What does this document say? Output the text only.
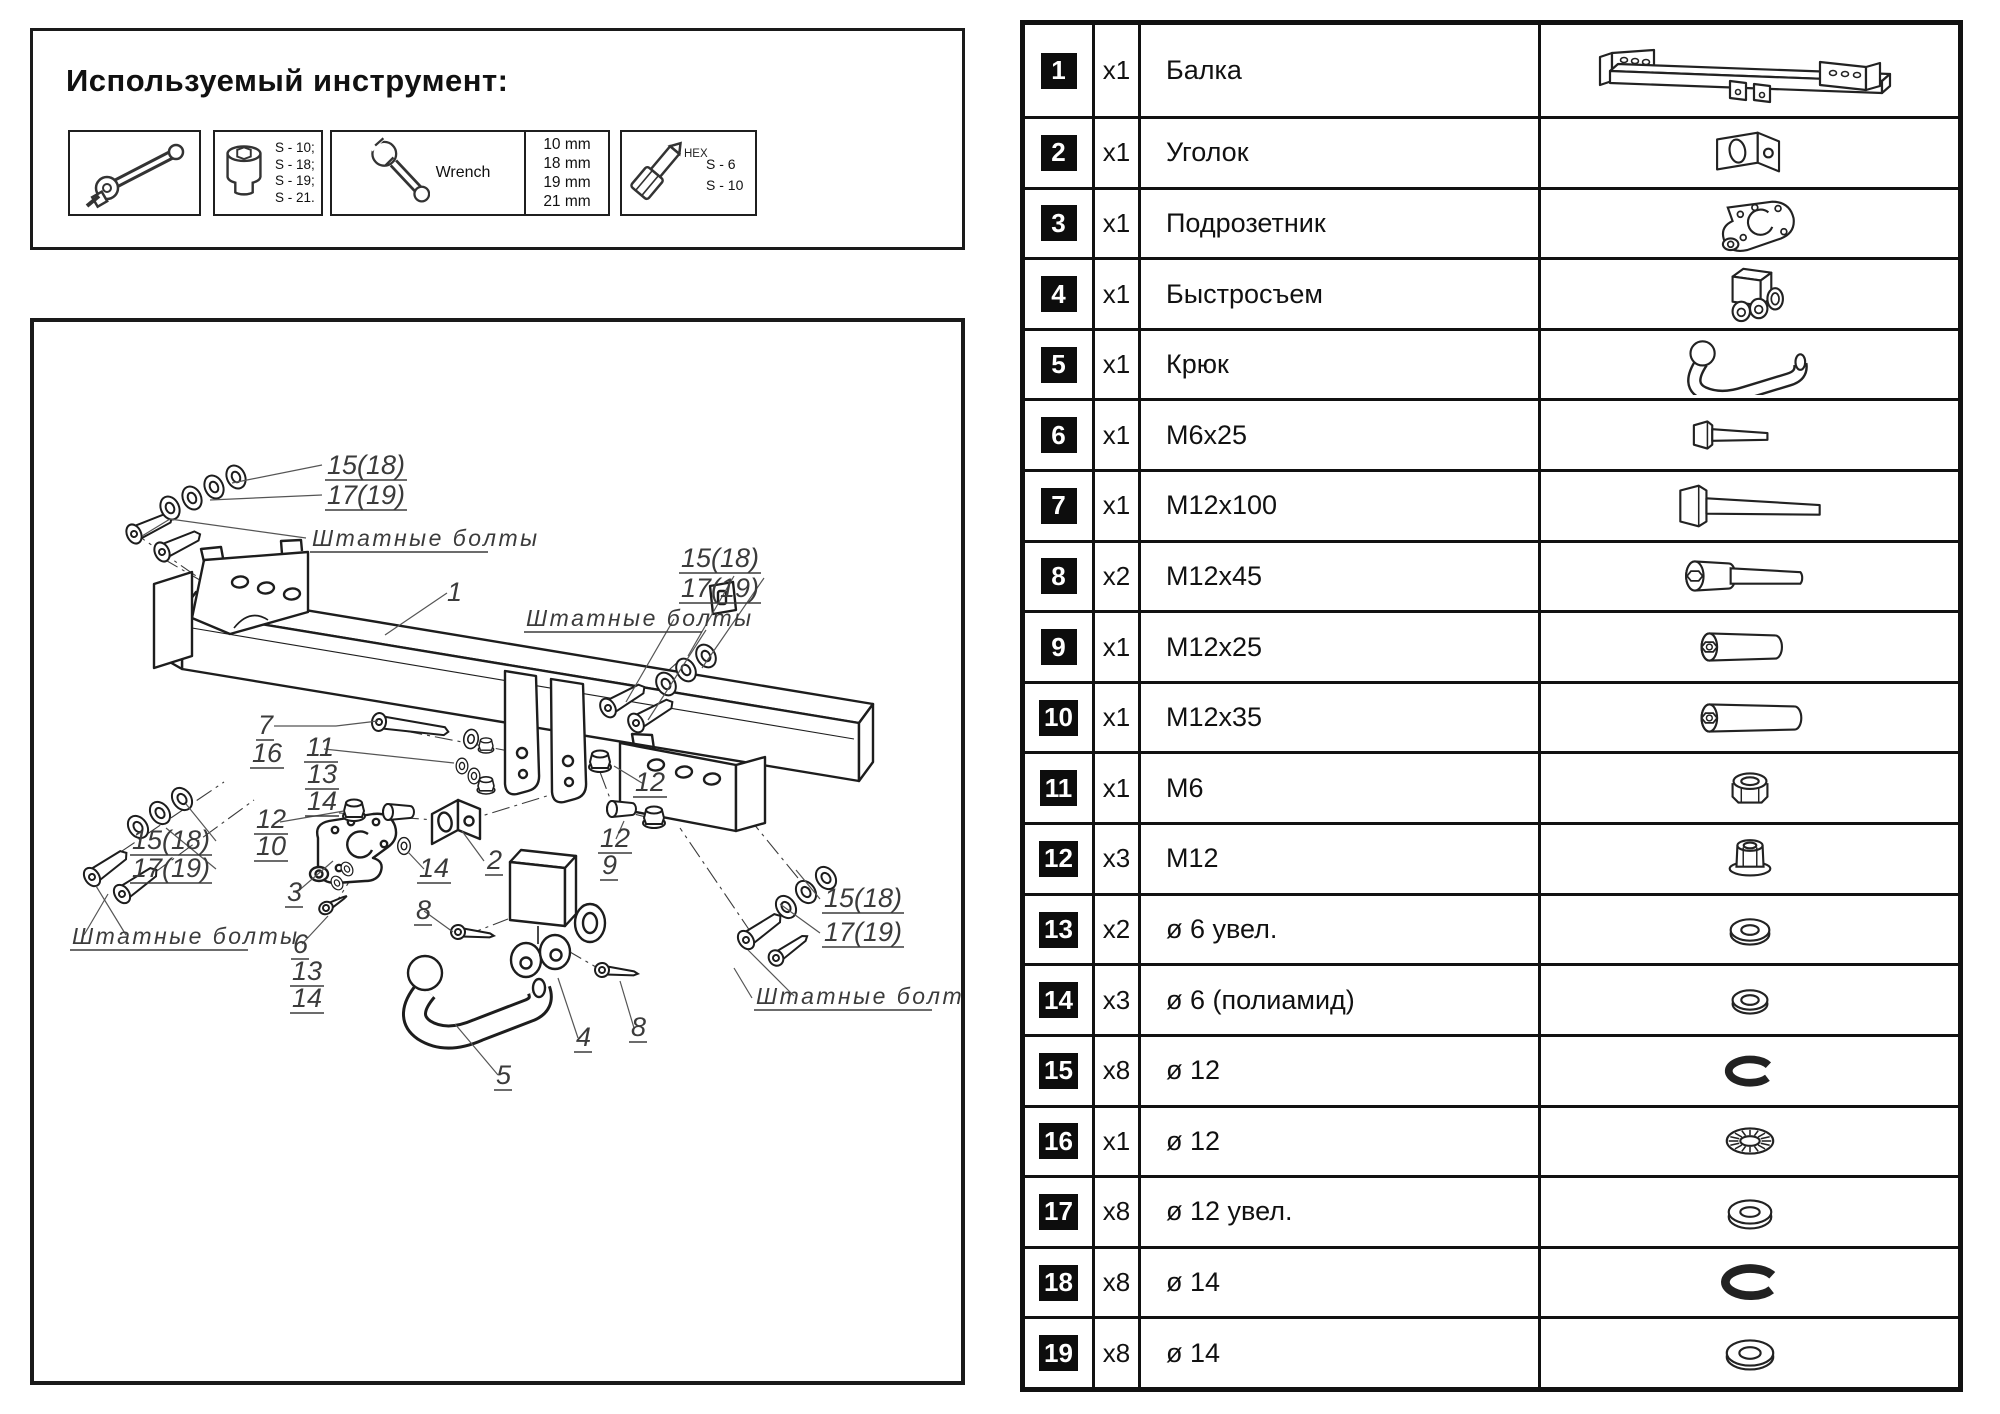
Используемый инструмент:
S - 10;
S - 18;
S - 19;
S - 21.
Wrench
10 mm
18 mm
19 mm
21 mm
HEX
S - 6
S - 10
15(18)
17(19)
Штатные болты
15(18)
17(19)
Штатные болты
1
7
16 11
13
14
12
10	2
3
6
13
14
14
8
5
4 8
12
12
9
15(18)
17(19)
Штатные болты
15(18)
17(19)
Штатные болты
1	x1	Балка
2	x1	Уголок
3	x1	Подрозетник
4	x1	Быстросъем
5	x1	Крюк
6	x1	М6х25
7	x1	М12х100
8	x2	М12х45
9	x1	М12х25
10 x1	М12х35
11 x1	М6
12 x3	М12
13 x2	ø 6 увел.
14 x3	ø 6 (полиамид)
15 x8	ø 12
16 x1	ø 12
17 x8	ø 12 увел.
18 x8	ø 14
19 x8	ø 14
